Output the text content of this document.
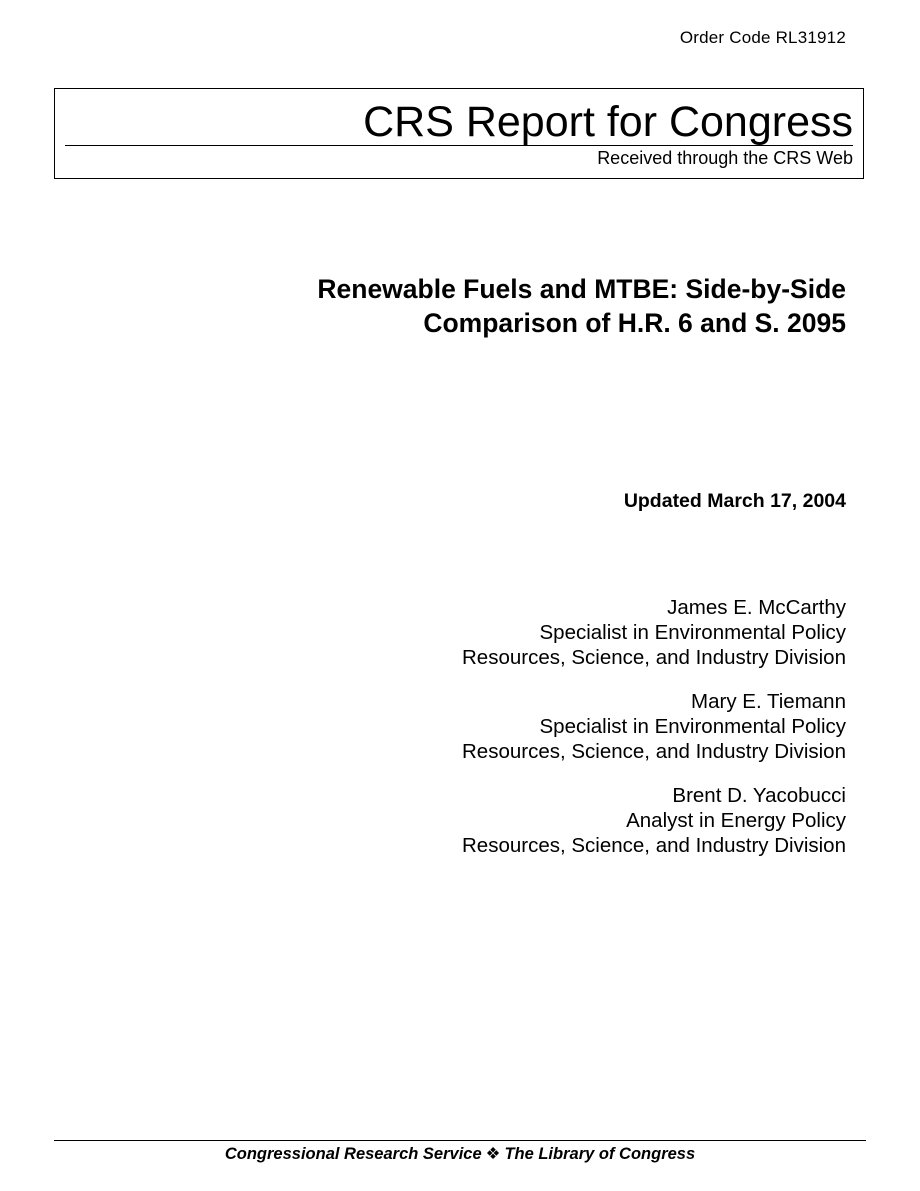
Order Code RL31912
CRS Report for Congress
Received through the CRS Web
Renewable Fuels and MTBE: Side-by-Side
Comparison of H.R. 6 and S. 2095
Updated March 17, 2004
James E. McCarthy
Specialist in Environmental Policy
Resources, Science, and Industry Division
Mary E. Tiemann
Specialist in Environmental Policy
Resources, Science, and Industry Division
Brent D. Yacobucci
Analyst in Energy Policy
Resources, Science, and Industry Division
Congressional Research Service ❖ The Library of Congress
